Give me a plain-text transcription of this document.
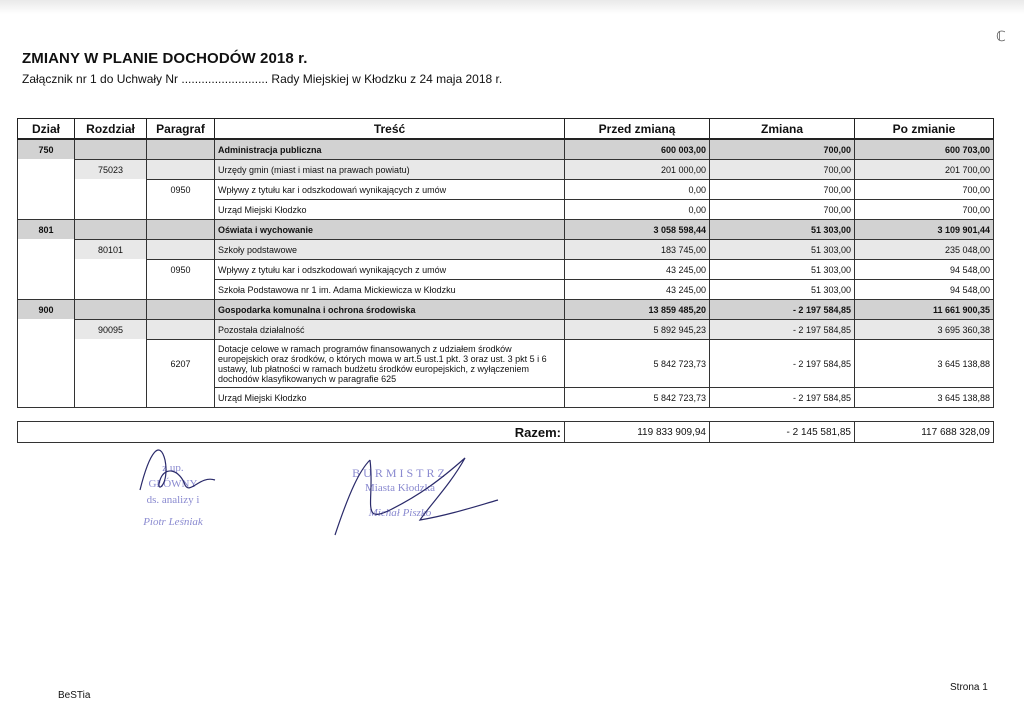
ℂ
ZMIANY W PLANIE DOCHODÓW 2018 r.
Załącznik nr 1 do Uchwały Nr .......................... Rady Miejskiej w Kłodzku z 24 maja 2018 r.
Dział	Rozdział	Paragraf	Treść	Przed zmianą	Zmiana	Po zmianie
750			Administracja publiczna	600 003,00	700,00	600 703,00
	75023		Urzędy gmin (miast i miast na prawach powiatu)	201 000,00	700,00	201 700,00
		0950	Wpływy z tytułu kar i odszkodowań wynikających z umów	0,00	700,00	700,00
			Urząd Miejski Kłodzko	0,00	700,00	700,00
801			Oświata i wychowanie	3 058 598,44	51 303,00	3 109 901,44
	80101		Szkoły podstawowe	183 745,00	51 303,00	235 048,00
		0950	Wpływy z tytułu kar i odszkodowań wynikających z umów	43 245,00	51 303,00	94 548,00
			Szkoła Podstawowa nr 1 im. Adama Mickiewicza w Kłodzku	43 245,00	51 303,00	94 548,00
900			Gospodarka komunalna i ochrona środowiska	13 859 485,20	- 2 197 584,85	11 661 900,35
	90095		Pozostała działalność	5 892 945,23	- 2 197 584,85	3 695 360,38
		6207	Dotacje celowe w ramach programów finansowanych z udziałem środków europejskich oraz środków, o których mowa w art.5 ust.1 pkt. 3 oraz ust. 3 pkt 5 i 6 ustawy, lub płatności w ramach budżetu środków europejskich, z wyłączeniem dochodów klasyfikowanych w paragrafie 625	5 842 723,73	- 2 197 584,85	3 645 138,88
			Urząd Miejski Kłodzko	5 842 723,73	- 2 197 584,85	3 645 138,88
Razem:	119 833 909,94	- 2 145 581,85	117 688 328,09
z up.
GŁÓWNY
ds. analizy i
Piotr Leśniak
BURMISTRZ
Miasta Kłodzka
Michał Piszko
BeSTia
Strona 1
